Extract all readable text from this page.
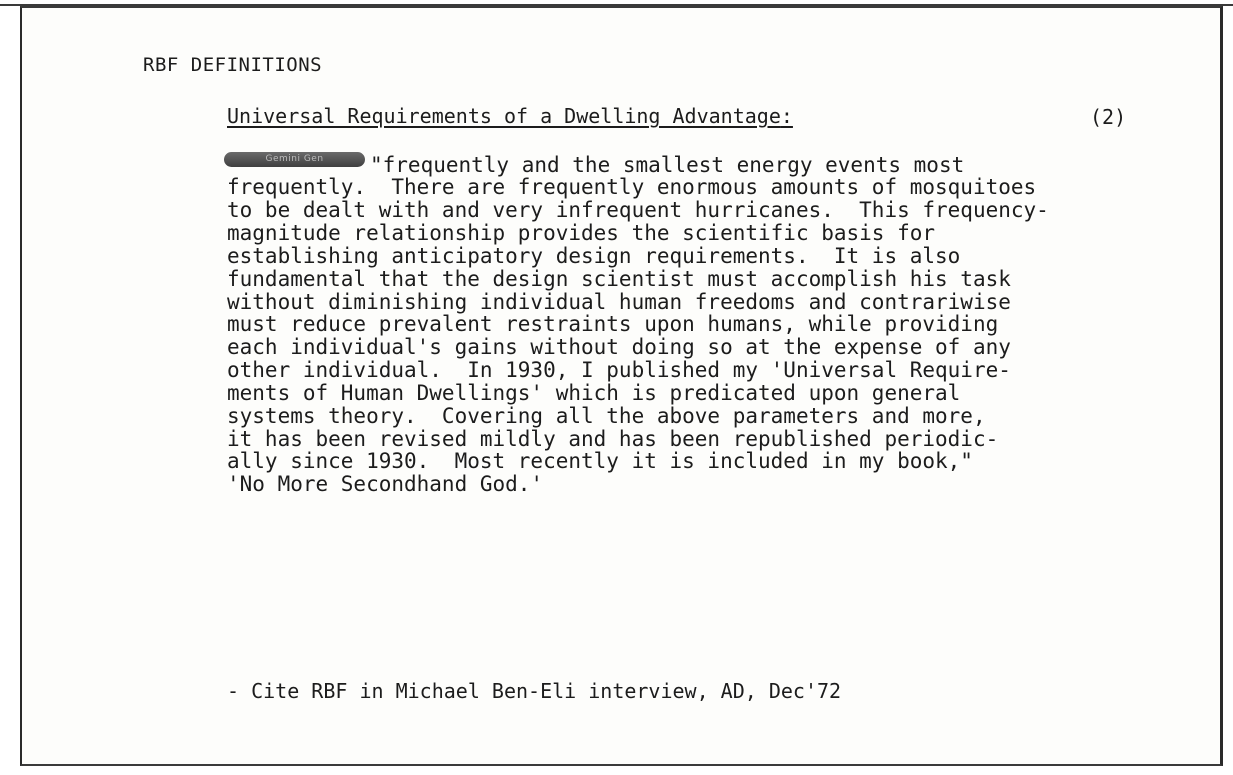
RBF DEFINITIONS
Universal Requirements of a Dwelling Advantage:	(2)
Gemini Gen	"frequently and the smallest energy events most
frequently.  There are frequently enormous amounts of mosquitoes
to be dealt with and very infrequent hurricanes.  This frequency-
magnitude relationship provides the scientific basis for
establishing anticipatory design requirements.  It is also
fundamental that the design scientist must accomplish his task
without diminishing individual human freedoms and contrariwise
must reduce prevalent restraints upon humans, while providing
each individual's gains without doing so at the expense of any
other individual.  In 1930, I published my 'Universal Require-
ments of Human Dwellings' which is predicated upon general
systems theory.  Covering all the above parameters and more,
it has been revised mildly and has been republished periodic-
ally since 1930.  Most recently it is included in my book,"
'No More Secondhand God.'
- Cite RBF in Michael Ben-Eli interview, AD, Dec'72
